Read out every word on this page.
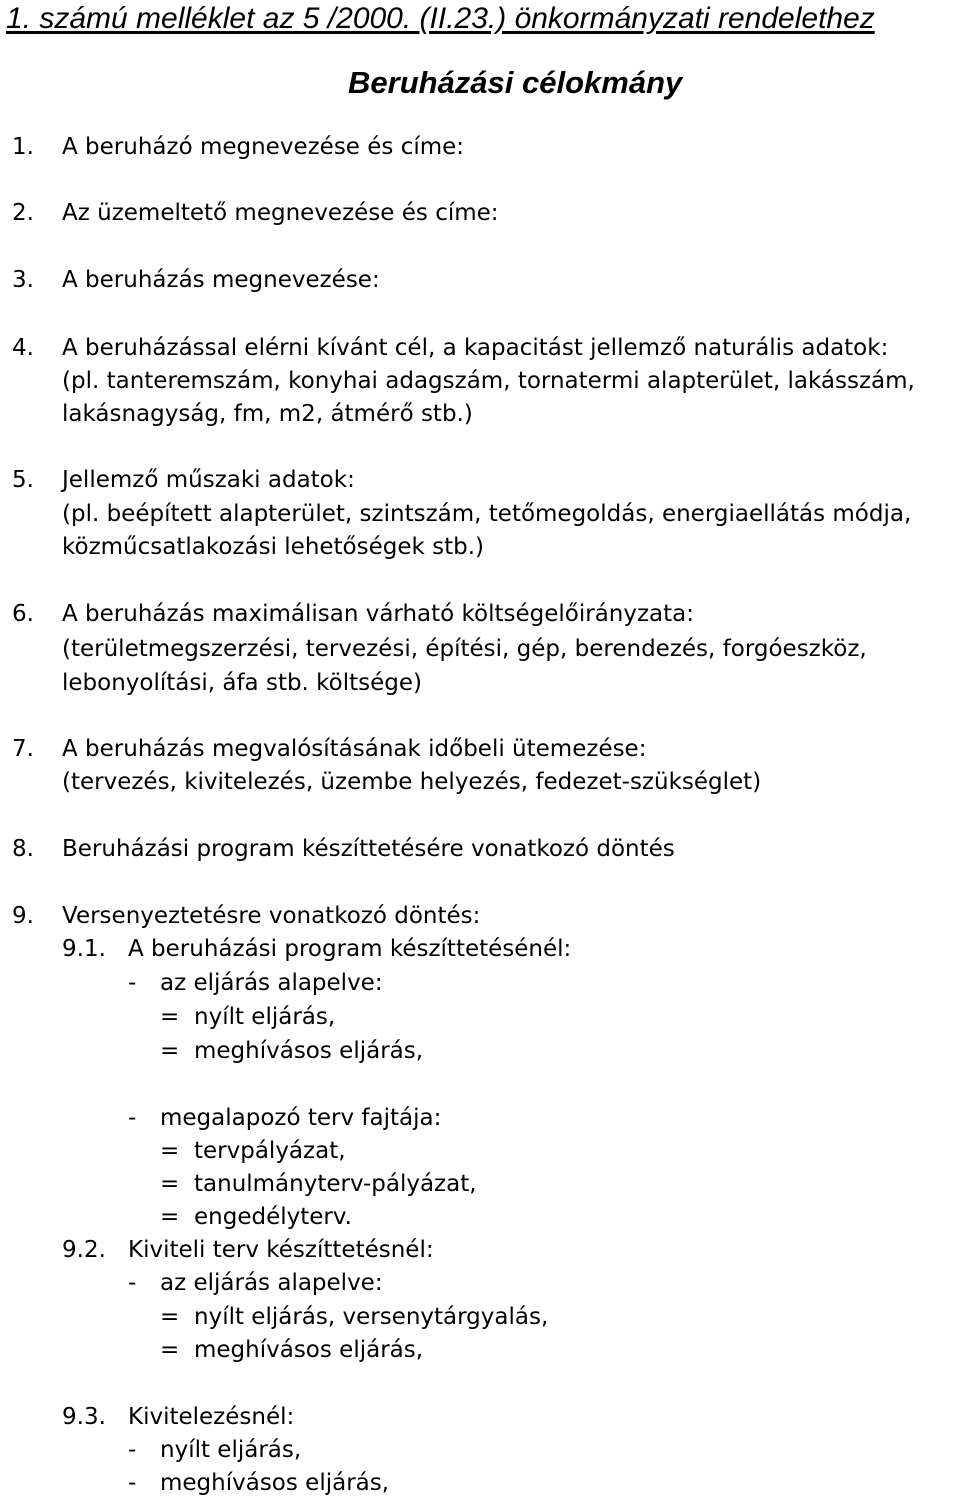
1. számú melléklet az 5 /2000. (II.23.) önkormányzati rendelethez
Beruházási célokmány
1. A beruházó megnevezése és címe:
2. Az üzemeltető megnevezése és címe:
3. A beruházás megnevezése:
4. A beruházással elérni kívánt cél, a kapacitást jellemző naturális adatok:
(pl. tanteremszám, konyhai adagszám, tornatermi alapterület, lakásszám,
lakásnagyság, fm, m2, átmérő stb.)
5. Jellemző műszaki adatok:
(pl. beépített alapterület, szintszám, tetőmegoldás, energiaellátás módja,
közműcsatlakozási lehetőségek stb.)
6. A beruházás maximálisan várható költségelőirányzata:
(területmegszerzési, tervezési, építési, gép, berendezés, forgóeszköz,
lebonyolítási, áfa stb. költsége)
7. A beruházás megvalósításának időbeli ütemezése:
(tervezés, kivitelezés, üzembe helyezés, fedezet-szükséglet)
8. Beruházási program készíttetésére vonatkozó döntés
9. Versenyeztetésre vonatkozó döntés:
9.1. A beruházási program készíttetésénél:
- az eljárás alapelve:
= nyílt eljárás,
= meghívásos eljárás,
- megalapozó terv fajtája:
= tervpályázat,
= tanulmányterv-pályázat,
= engedélyterv.
9.2. Kiviteli terv készíttetésnél:
- az eljárás alapelve:
= nyílt eljárás, versenytárgyalás,
= meghívásos eljárás,
9.3. Kivitelezésnél:
- nyílt eljárás,
- meghívásos eljárás,
